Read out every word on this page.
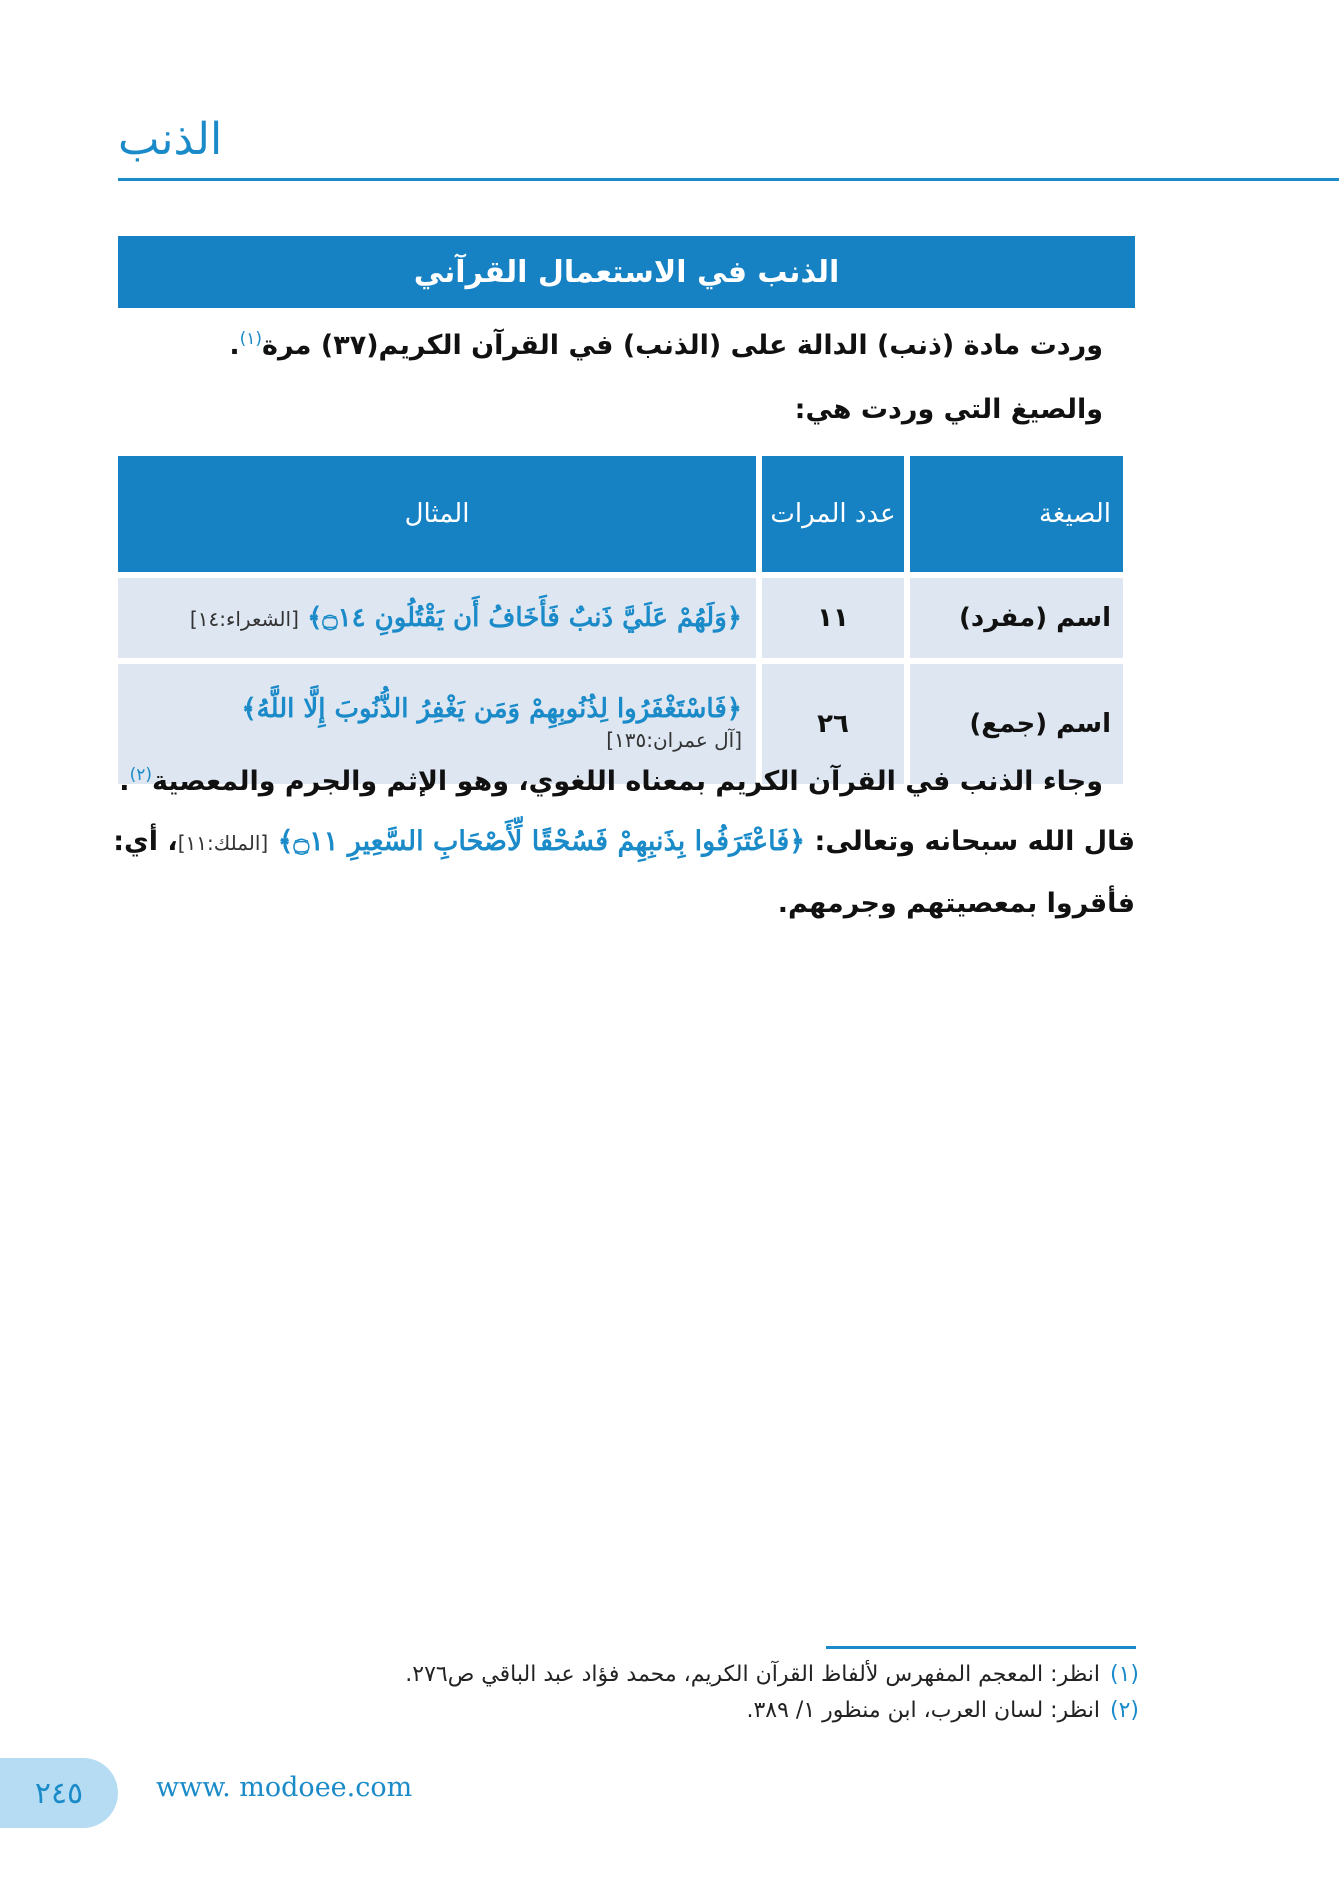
الذنب
الذنب في الاستعمال القرآني
وردت مادة (ذنب) الدالة على (الذنب) في القرآن الكريم(٣٧) مرة$^{(١)}$.
والصيغ التي وردت هي:
الصيغة	عدد المرات	المثال
اسم (مفرد)	١١	﴿وَلَهُمْ عَلَيَّ ذَنبٌ فَأَخَافُ أَن يَقْتُلُونِ ۝١٤﴾ [الشعراء:١٤]
اسم (جمع)	٢٦	﴿فَاسْتَغْفَرُوا لِذُنُوبِهِمْ وَمَن يَغْفِرُ الذُّنُوبَ إِلَّا اللَّهُ﴾
[آل عمران:١٣٥]
وجاء الذنب في القرآن الكريم بمعناه اللغوي، وهو الإثم والجرم والمعصية$^{(٢)}$.
قال الله سبحانه وتعالى: ﴿فَاعْتَرَفُوا بِذَنبِهِمْ فَسُحْقًا لِّأَصْحَابِ السَّعِيرِ ۝١١﴾ [الملك:١١]، أي:
فأقروا بمعصيتهم وجرمهم.
(١)انظر: المعجم المفهرس لألفاظ القرآن الكريم، محمد فؤاد عبد الباقي ص٢٧٦.
(٢)انظر: لسان العرب، ابن منظور ١/ ٣٨٩.
٢٤٥	www. modoee.com
